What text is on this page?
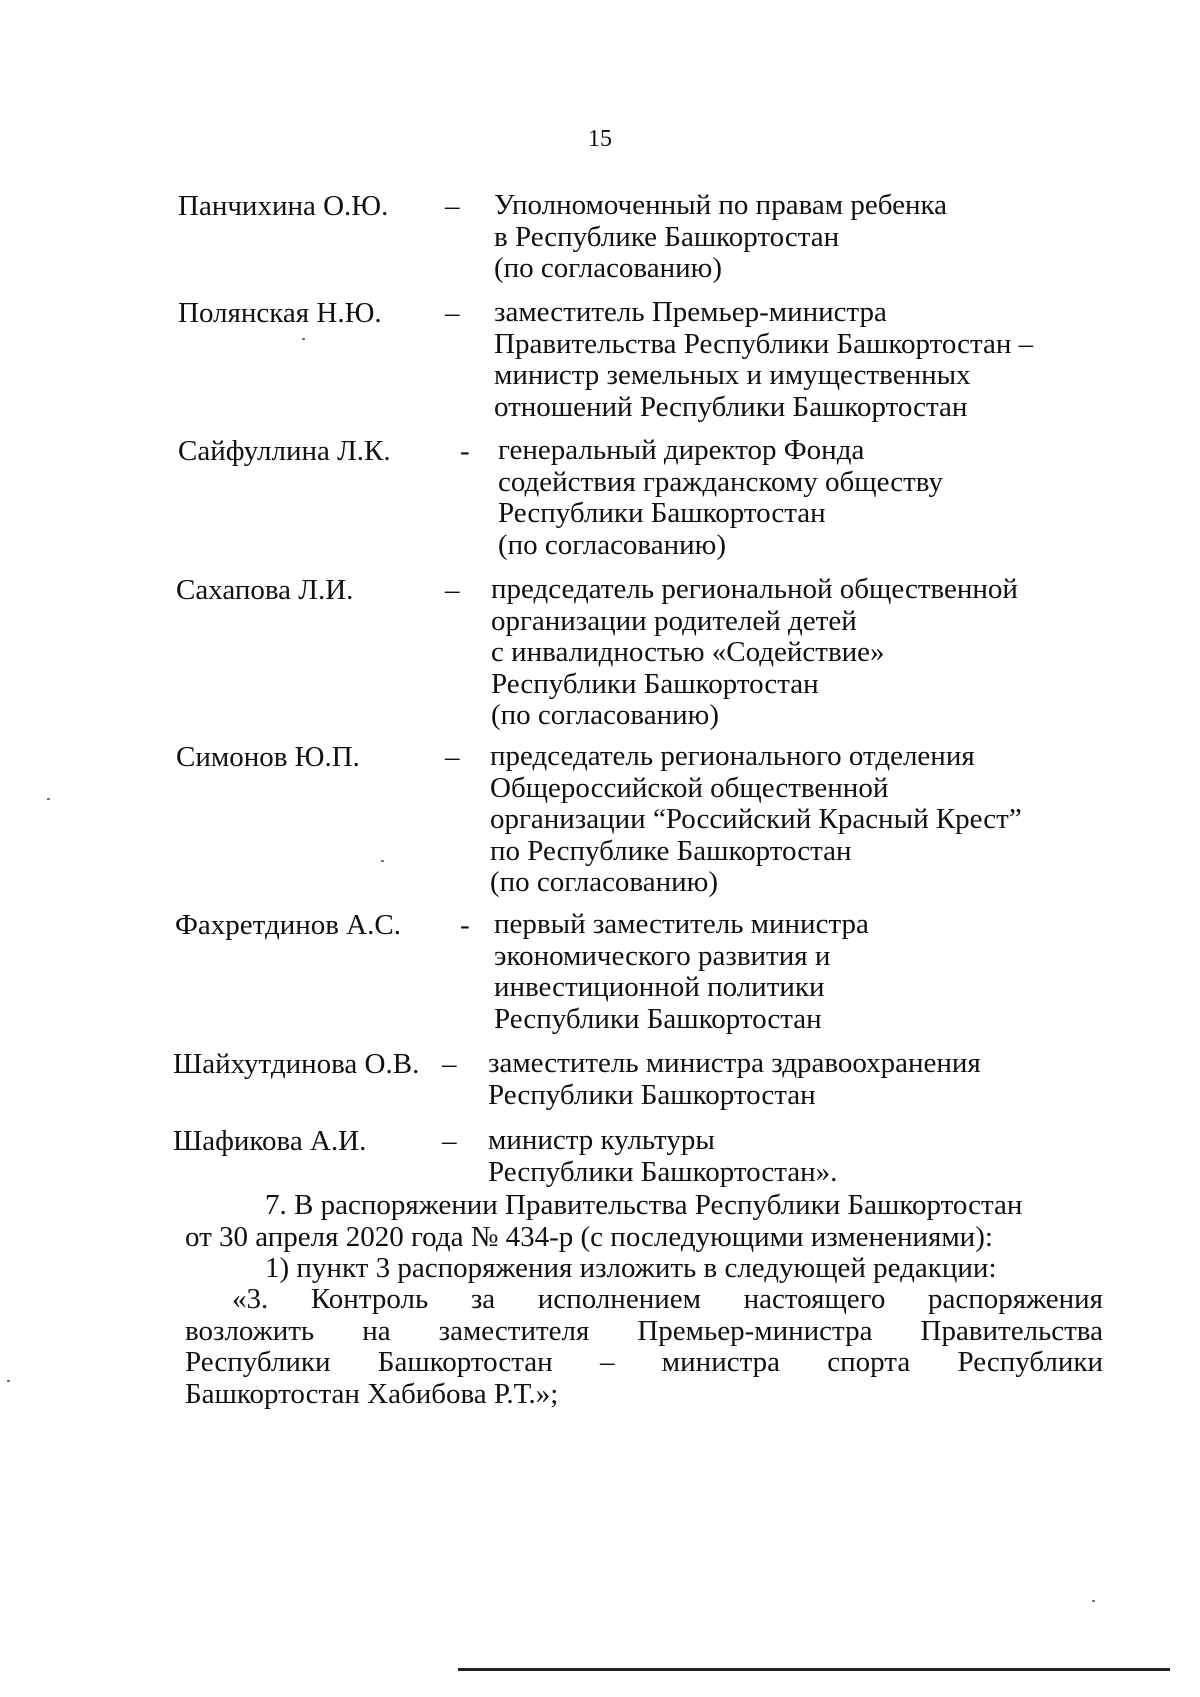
15
Панчихина О.Ю. – Уполномоченный по правам ребенка
в Республике Башкортостан
(по согласованию)
Полянская Н.Ю. – заместитель Премьер-министра
Правительства Республики Башкортостан –
министр земельных и имущественных
отношений Республики Башкортостан
Сайфуллина Л.К. - генеральный директор Фонда
содействия гражданскому обществу
Республики Башкортостан
(по согласованию)
Сахапова Л.И.	– председатель региональной общественной
организации родителей детей
с инвалидностью «Содействие»
Республики Башкортостан
(по согласованию)
Симонов Ю.П.	– председатель регионального отделения
Общероссийской общественной
организации “Российский Красный Крест”
по Республике Башкортостан
(по согласованию)
Фахретдинов А.С. - первый заместитель министра
экономического развития и
инвестиционной политики
Республики Башкортостан
Шайхутдинова О.В. – заместитель министра здравоохранения
Республики Башкортостан
Шафикова А.И.	– министр культуры
Республики Башкортостан».
7. В распоряжении Правительства Республики Башкортостан
от 30 апреля 2020 года № 434-р (с последующими изменениями):
1) пункт 3 распоряжения изложить в следующей редакции:
«3. Контроль за исполнением настоящего распоряжения
возложить на заместителя Премьер-министра Правительства
Республики Башкортостан – министра спорта Республики
Башкортостан Хабибова Р.Т.»;
